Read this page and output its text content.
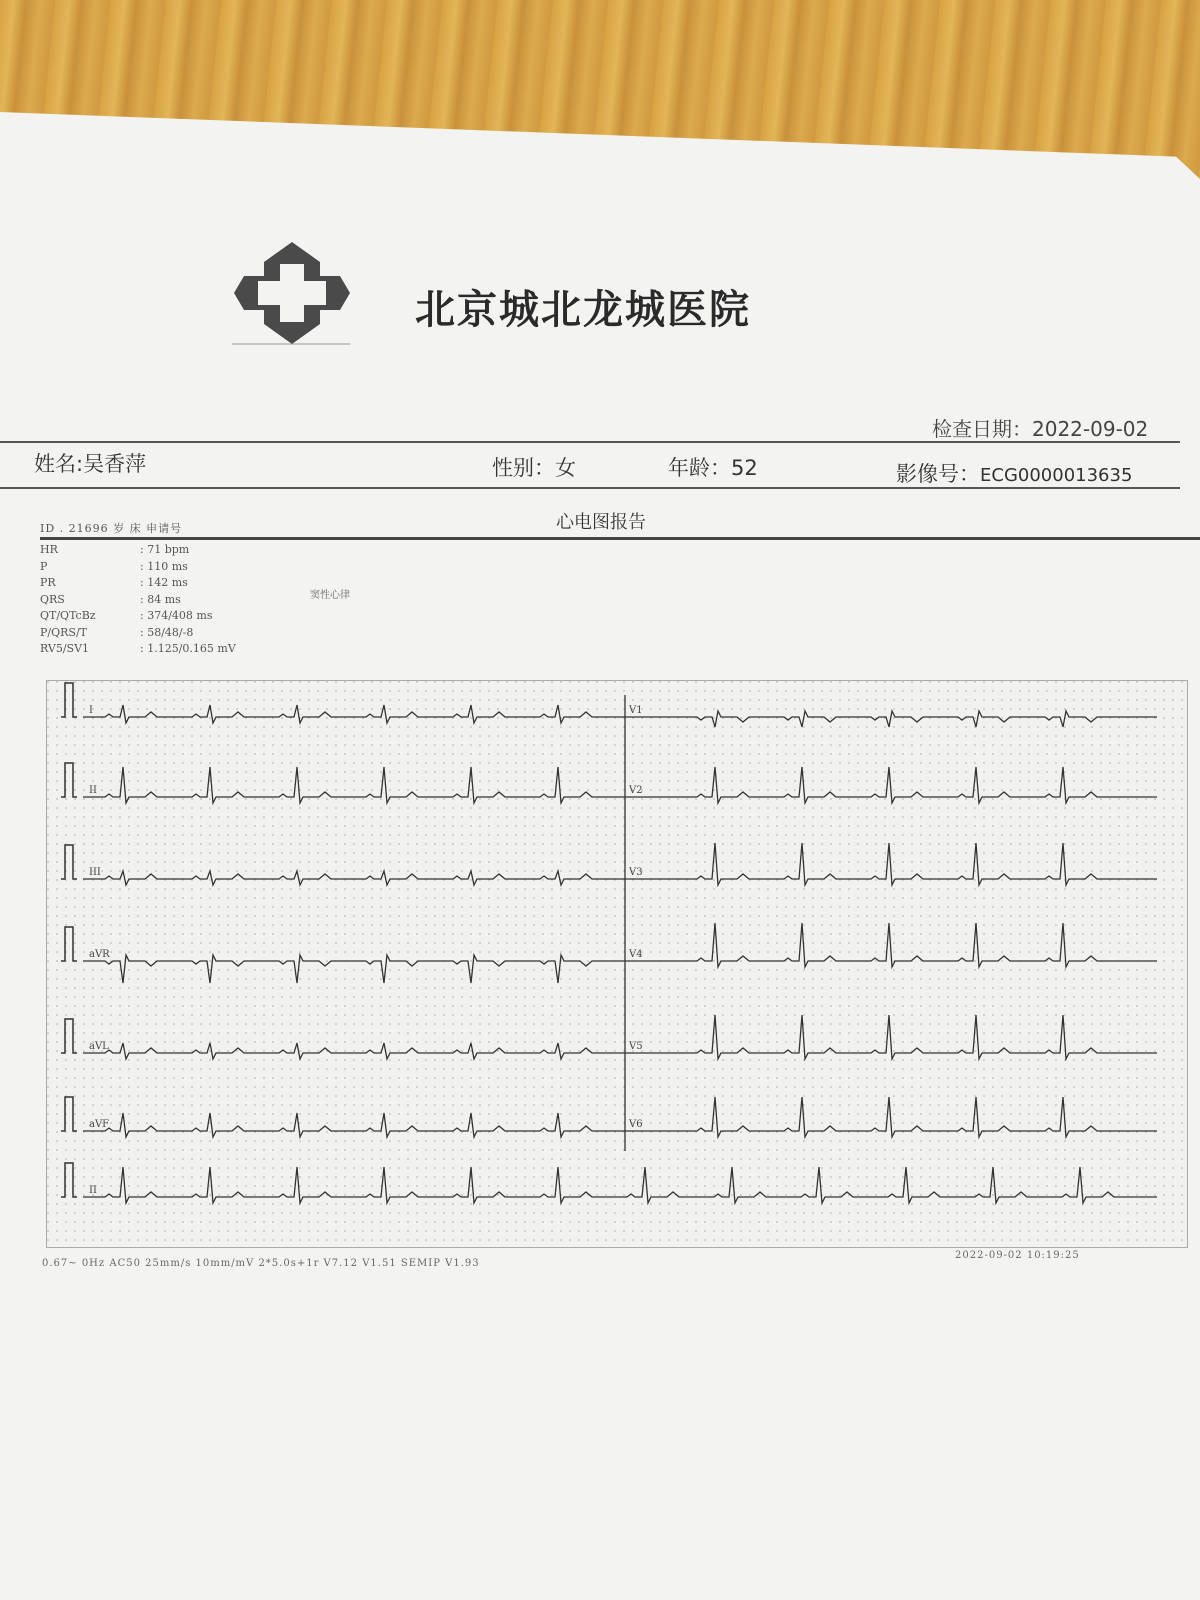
北京城北龙城医院
检查日期：2022-09-02
姓名:吴香萍	性别：女	年龄：52	影像号：ECG0000013635
心电图报告
ID . 21696 岁 床 申请号
HR	: 71 bpm
P	: 110 ms
PR	: 142 ms
QRS	: 84 ms
QT/QTcBz	: 374/408 ms
P/QRS/T	: 58/48/-8
RV5/SV1	: 1.125/0.165 mV
窦性心律
I	V1
II	V2
III	V3
aVR	V4
aVL	V5
aVF	V6
II
0.67~ 0Hz AC50 25mm/s 10mm/mV 2*5.0s+1r V7.12 V1.51 SEMIP V1.93
2022-09-02 10:19:25
